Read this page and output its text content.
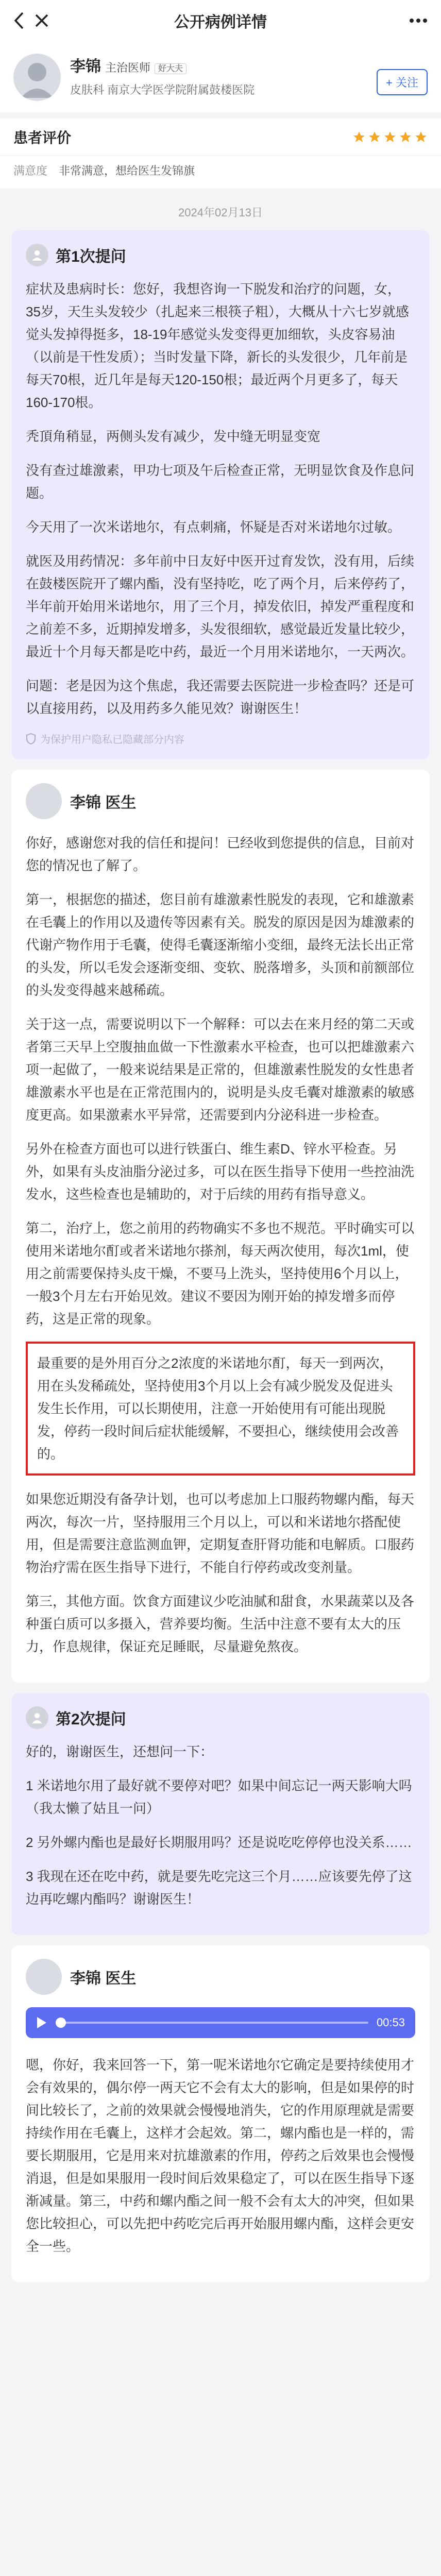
公开病例详情
李锦 主治医师 好大夫
皮肤科 南京大学医学院附属鼓楼医院
+ 关注
患者评价
满意度 非常满意，想给医生发锦旗
2024年02月13日
第1次提问

症状及患病时长：您好，我想咨询一下脱发和治疗的问题，女，35岁，天生头发较少（扎起来三根筷子粗），大概从十六七岁就感觉头发掉得挺多，18-19年感觉头发变得更加细软，头皮容易油（以前是干性发质）；当时发量下降，新长的头发很少，几年前是每天70根，近几年是每天120-150根；最近两个月更多了，每天160-170根。

秃頂角稍显，两侧头发有减少，发中缝无明显变宽

没有查过雄激素，甲功七项及午后检查正常，无明显饮食及作息问题。

今天用了一次米诺地尔，有点刺痛，怀疑是否对米诺地尔过敏。

就医及用药情况：多年前中日友好中医开过育发饮，没有用，后续在鼓楼医院开了螺内酯，没有坚持吃，吃了两个月，后来停药了，半年前开始用米诺地尔，用了三个月，掉发依旧，掉发严重程度和之前差不多，近期掉发增多，头发很细软，感觉最近发量比较少，最近十个月每天都是吃中药，最近一个月用米诺地尔，一天两次。

问题：老是因为这个焦虑，我还需要去医院进一步检查吗？还是可以直接用药，以及用药多久能见效？谢谢医生！

为保护用户隐私已隐藏部分内容
李锦 医生

你好，感谢您对我的信任和提问！已经收到您提供的信息，目前对您的情况也了解了。

第一，根据您的描述，您目前有雄激素性脱发的表现，它和雄激素在毛囊上的作用以及遗传等因素有关。脱发的原因是因为雄激素的代谢产物作用于毛囊，使得毛囊逐渐缩小变细，最终无法长出正常的头发，所以毛发会逐渐变细、变软、脱落增多，头顶和前额部位的头发变得越来越稀疏。

关于这一点，需要说明以下一个解释：可以去在来月经的第二天或者第三天早上空腹抽血做一下性激素水平检查，也可以把雄激素六项一起做了，一般来说结果是正常的，但雄激素性脱发的女性患者雄激素水平也是在正常范围内的，说明是头皮毛囊对雄激素的敏感度更高。如果激素水平异常，还需要到内分泌科进一步检查。

另外在检查方面也可以进行铁蛋白、维生素D、锌水平检查。另外，如果有头皮油脂分泌过多，可以在医生指导下使用一些控油洗发水，这些检查也是辅助的，对于后续的用药有指导意义。

第二，治疗上，您之前用的药物确实不多也不规范。平时确实可以使用米诺地尔酊或者米诺地尔搽剂，每天两次使用，每次1ml，使用之前需要保持头皮干燥，不要马上洗头，坚持使用6个月以上，一般3个月左右开始见效。建议不要因为刚开始的掉发增多而停药，这是正常的现象。

最重要的是外用百分之2浓度的米诺地尔酊，每天一到两次，用在头发稀疏处，坚持使用3个月以上会有减少脱发及促进头发生长作用，可以长期使用，注意一开始使用有可能出现脱发，停药一段时间后症状能缓解，不要担心，继续使用会改善的。

如果您近期没有备孕计划，也可以考虑加上口服药物螺内酯，每天两次，每次一片，坚持服用三个月以上，可以和米诺地尔搭配使用，但是需要注意监测血钾，定期复查肝肾功能和电解质。口服药物治疗需在医生指导下进行，不能自行停药或改变剂量。

第三，其他方面。饮食方面建议少吃油腻和甜食，水果蔬菜以及各种蛋白质可以多摄入，营养要均衡。生活中注意不要有太大的压力，作息规律，保证充足睡眠，尽量避免熬夜。

第2次提问

好的，谢谢医生，还想问一下：

1 米诺地尔用了最好就不要停对吧？如果中间忘记一两天影响大吗（我太懒了姑且一问）

2 另外螺内酯也是最好长期服用吗？还是说吃吃停停也没关系……

3 我现在还在吃中药，就是要先吃完这三个月……应该要先停了这边再吃螺内酯吗？谢谢医生！

李锦 医生
00:53

嗯，你好，我来回答一下，第一呢米诺地尔它确定是要持续使用才会有效果的，偶尔停一两天它不会有太大的影响，但是如果停的时间比较长了，之前的效果就会慢慢地消失，它的作用原理就是需要持续作用在毛囊上，这样才会起效。第二，螺内酯也是一样的，需要长期服用，它是用来对抗雄激素的作用，停药之后效果也会慢慢消退，但是如果服用一段时间后效果稳定了，可以在医生指导下逐渐减量。第三，中药和螺内酯之间一般不会有太大的冲突，但如果您比较担心，可以先把中药吃完后再开始服用螺内酯，这样会更安全一些。
